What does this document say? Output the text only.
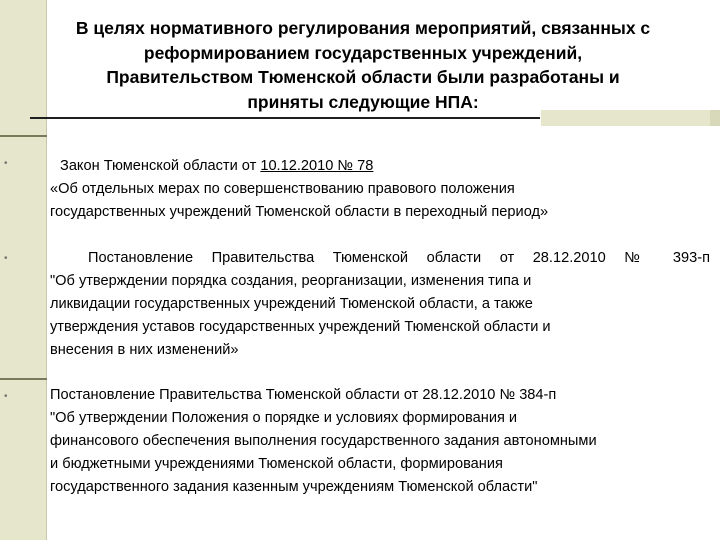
В целях нормативного регулирования мероприятий, связанных с
реформированием государственных учреждений,
Правительством Тюменской области были разработаны и
приняты следующие НПА:
•	Закон Тюменской области от 10.12.2010 № 78
«Об отдельных мерах по совершенствованию правового положения
государственных учреждений Тюменской области в переходный период»
•	Постановление Правительства Тюменской области от 28.12.2010 № 393-п
"Об утверждении порядка создания, реорганизации, изменения типа и
ликвидации государственных учреждений Тюменской области, а также
утверждения уставов государственных учреждений Тюменской области и
внесения в них изменений»
•	Постановление Правительства Тюменской области от 28.12.2010 № 384-п
"Об утверждении Положения о порядке и условиях формирования и
финансового обеспечения выполнения государственного задания автономными
и бюджетными учреждениями Тюменской области, формирования
государственного задания казенным учреждениям Тюменской области"
